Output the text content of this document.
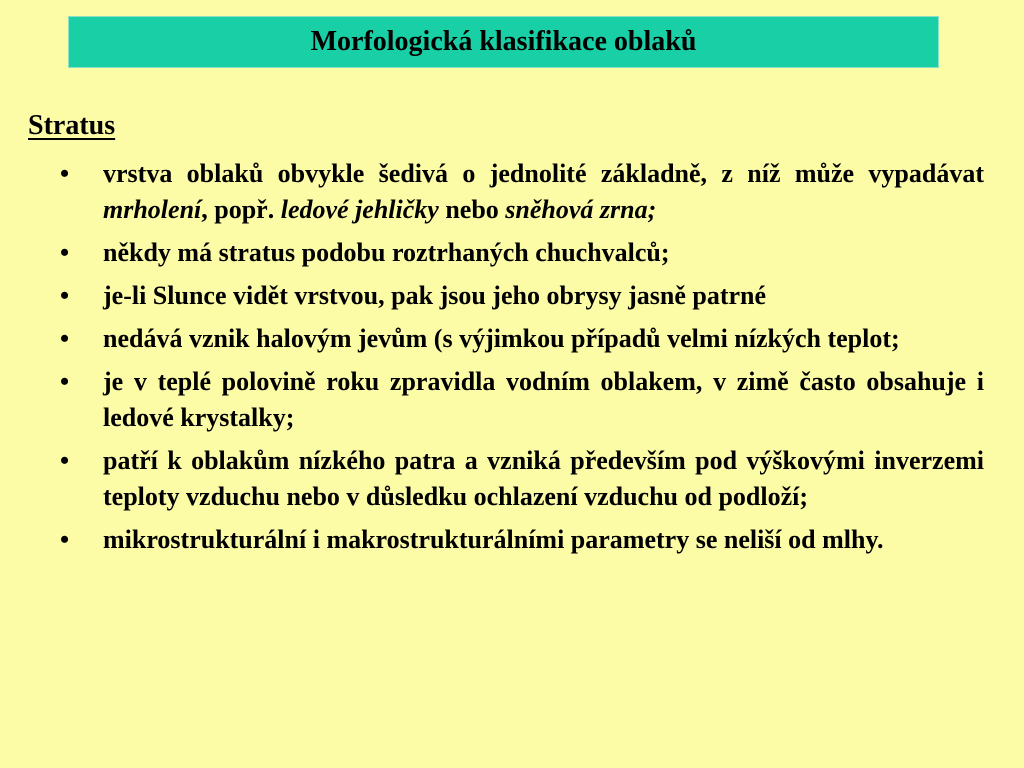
Morfologická klasifikace oblaků
Stratus
• vrstva oblaků obvykle šedivá o jednolité základně, z níž může vypadávat mrholení, popř. ledové jehličky nebo sněhová zrna;
• někdy má stratus podobu roztrhaných chuchvalců;
• je-li Slunce vidět vrstvou, pak jsou jeho obrysy jasně patrné
• nedává vznik halovým jevům (s výjimkou případů velmi nízkých teplot;
• je v teplé polovině roku zpravidla vodním oblakem, v zimě často obsahuje i ledové krystalky;
• patří k oblakům nízkého patra a vzniká především pod výškovými inverzemi teploty vzduchu nebo v důsledku ochlazení vzduchu od podloží;
• mikrostrukturální i makrostrukturálními parametry se neliší od mlhy.
